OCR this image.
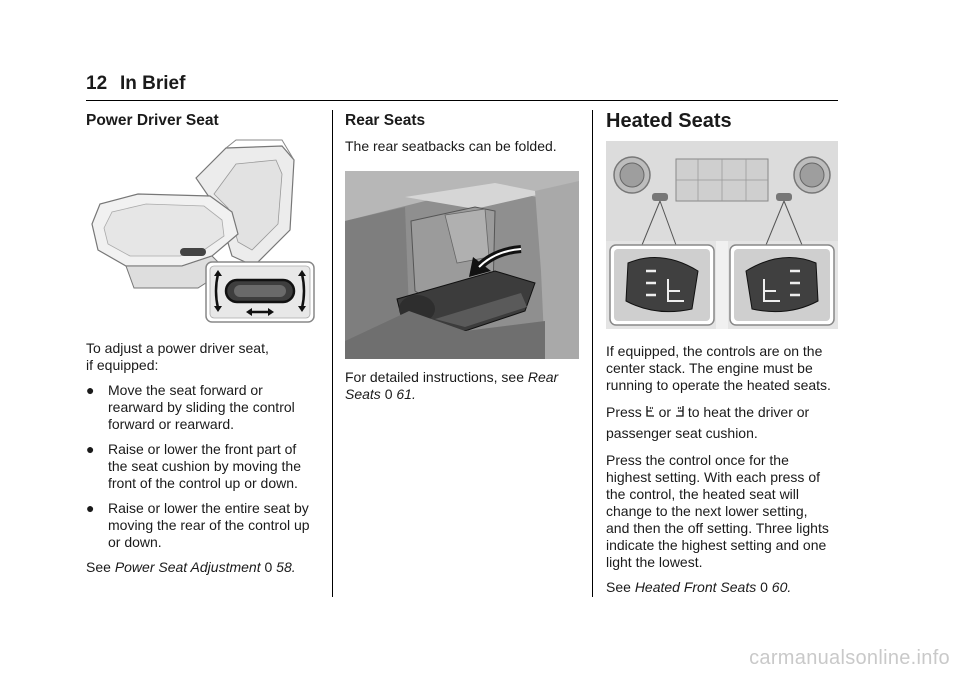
12 In Brief
Power Driver Seat

To adjust a power driver seat,

if equipped:

● Move the seat forward or
rearward by sliding the control
forward or rearward.
● Raise or lower the front part of
the seat cushion by moving the
front of the control up or down.
● Raise or lower the entire seat by
moving the rear of the control up
or down.

See Power Seat Adjustment 0 58.

Rear Seats

The rear seatbacks can be folded.

For detailed instructions, see Rear
Seats 0 61.

Heated Seats

If equipped, the controls are on the
center stack. The engine must be
running to operate the heated seats.

Press or to heat the driver or

passenger seat cushion.

Press the control once for the
highest setting. With each press of
the control, the heated seat will
change to the next lower setting,
and then the off setting. Three lights
indicate the highest setting and one
light the lowest.

See Heated Front Seats 0 60.

carmanualsonline.info
